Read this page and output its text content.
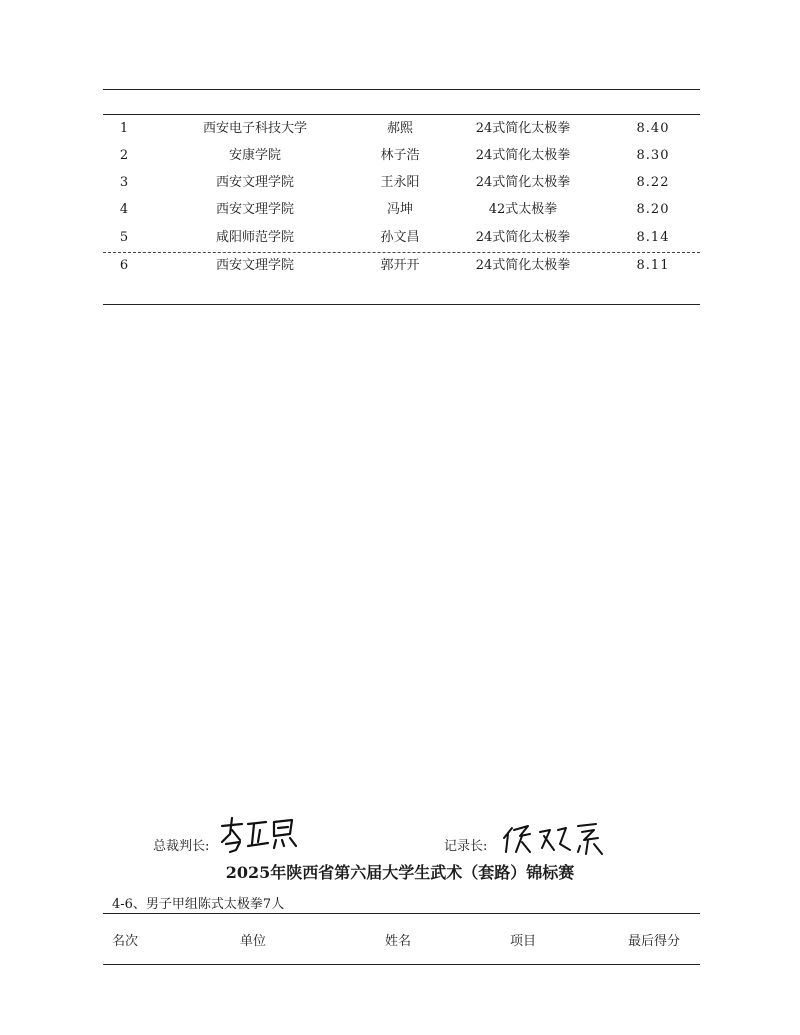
1	西安电子科技大学	郝熙	24式简化太极拳	8.40
2	安康学院	林子浩	24式简化太极拳	8.30
3	西安文理学院	王永阳	24式简化太极拳	8.22
4	西安文理学院	冯坤	42式太极拳	8.20
5	咸阳师范学院	孙文昌	24式简化太极拳	8.14
6	西安文理学院	郭开开	24式简化太极拳	8.11
总裁判长:	记录长:
2025年陕西省第六届大学生武术（套路）锦标赛
4-6、男子甲组陈式太极拳7人
名次	单位	姓名	项目	最后得分
